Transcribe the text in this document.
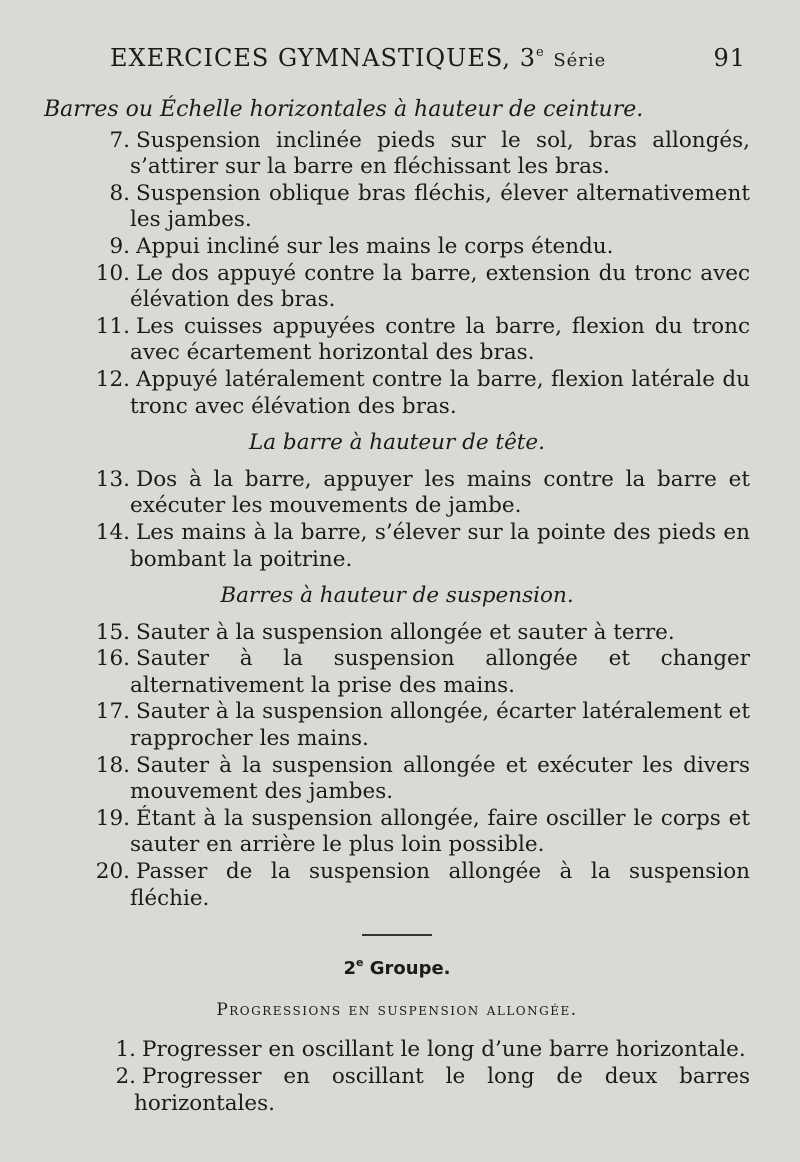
EXERCICES GYMNASTIQUES, 3e Série	91

Barres ou Échelle horizontales à hauteur de ceinture.

7. Suspension inclinée pieds sur le sol, bras allongés, s’attirer sur la barre en fléchissant les bras.
8. Suspension oblique bras fléchis, élever alternativement les jambes.
9. Appui incliné sur les mains le corps étendu.
10. Le dos appuyé contre la barre, extension du tronc avec élévation des bras.
11. Les cuisses appuyées contre la barre, flexion du tronc avec écartement horizontal des bras.
12. Appuyé latéralement contre la barre, flexion latérale du tronc avec élévation des bras.

La barre à hauteur de tête.

13. Dos à la barre, appuyer les mains contre la barre et exécuter les mouvements de jambe.
14. Les mains à la barre, s’élever sur la pointe des pieds en bombant la poitrine.

Barres à hauteur de suspension.

15. Sauter à la suspension allongée et sauter à terre.
16. Sauter à la suspension allongée et changer alternativement la prise des mains.
17. Sauter à la suspension allongée, écarter latéralement et rapprocher les mains.
18. Sauter à la suspension allongée et exécuter les divers mouvement des jambes.
19. Étant à la suspension allongée, faire osciller le corps et sauter en arrière le plus loin possible.
20. Passer de la suspension allongée à la suspension fléchie.

2e Groupe.

Progressions en suspension allongée.

1. Progresser en oscillant le long d’une barre horizontale.
2. Progresser en oscillant le long de deux barres horizontales.
